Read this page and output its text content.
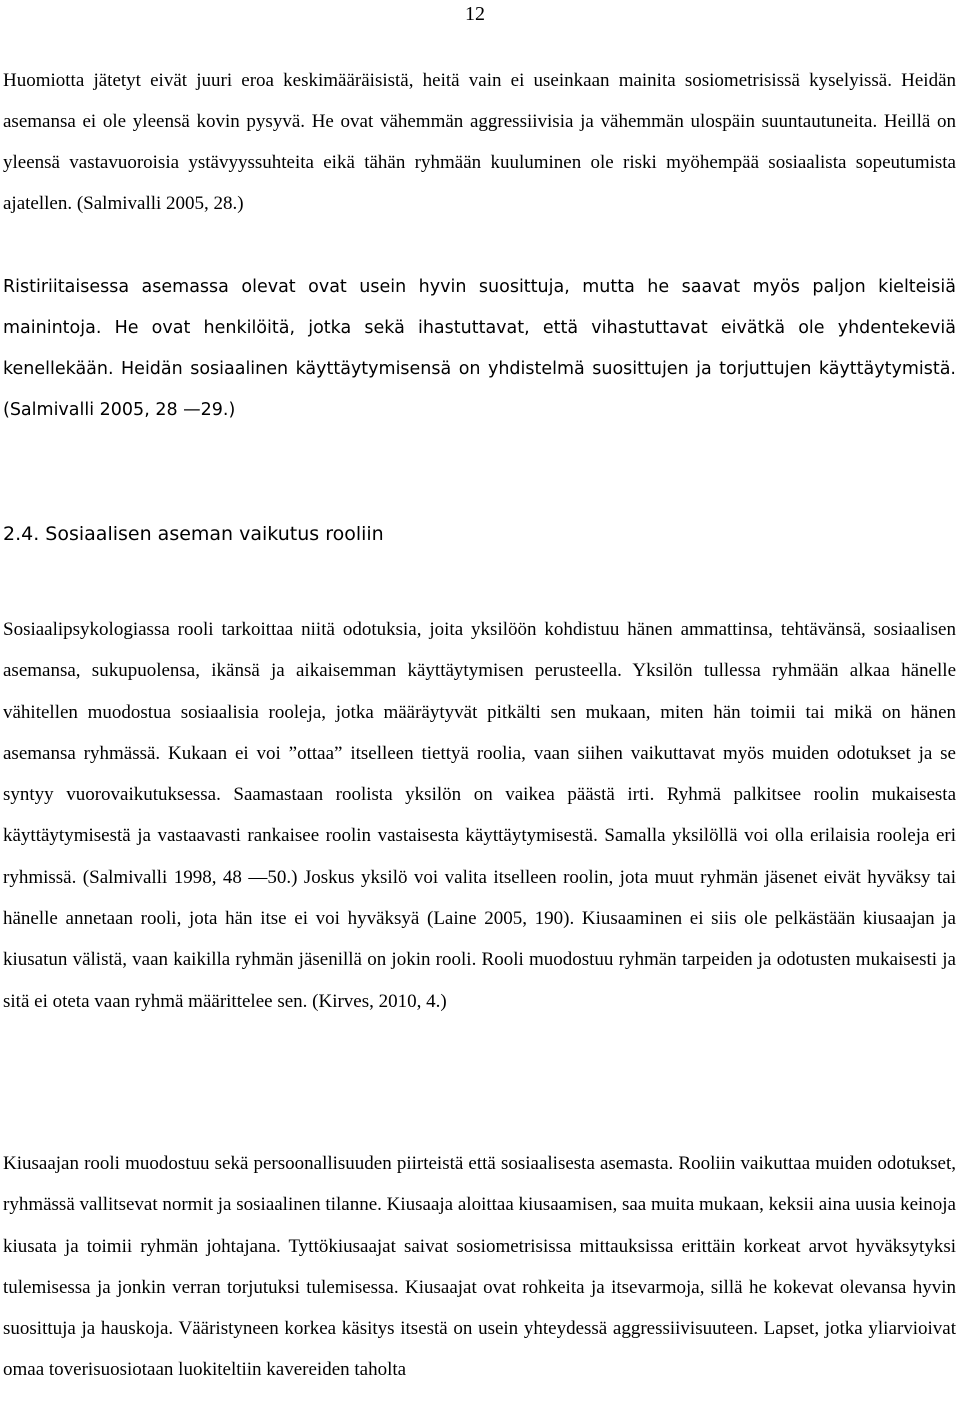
12

Huomiotta jätetyt eivät juuri eroa keskimääräisistä, heitä vain ei useinkaan mainita sosiometrisissä kyselyissä. Heidän asemansa ei ole yleensä kovin pysyvä. He ovat vähemmän aggressiivisia ja vähemmän ulospäin suuntautuneita. Heillä on yleensä vastavuoroisia ystävyyssuhteita eikä tähän ryhmään kuuluminen ole riski myöhempää sosiaalista sopeutumista ajatellen. (Salmivalli 2005, 28.)

Ristiriitaisessa asemassa olevat ovat usein hyvin suosittuja, mutta he saavat myös paljon kielteisiä mainintoja. He ovat henkilöitä, jotka sekä ihastuttavat, että vihastuttavat eivätkä ole yhdentekeviä kenellekään. Heidän sosiaalinen käyttäytymisensä on yhdistelmä suosittujen ja torjuttujen käyttäytymistä. (Salmivalli 2005, 28 —29.)

2.4. Sosiaalisen aseman vaikutus rooliin

Sosiaalipsykologiassa rooli tarkoittaa niitä odotuksia, joita yksilöön kohdistuu hänen ammattinsa, tehtävänsä, sosiaalisen asemansa, sukupuolensa, ikänsä ja aikaisemman käyttäytymisen perusteella. Yksilön tullessa ryhmään alkaa hänelle vähitellen muodostua sosiaalisia rooleja, jotka määräytyvät pitkälti sen mukaan, miten hän toimii tai mikä on hänen asemansa ryhmässä. Kukaan ei voi ”ottaa” itselleen tiettyä roolia, vaan siihen vaikuttavat myös muiden odotukset ja se syntyy vuorovaikutuksessa. Saamastaan roolista yksilön on vaikea päästä irti. Ryhmä palkitsee roolin mukaisesta käyttäytymisestä ja vastaavasti rankaisee roolin vastaisesta käyttäytymisestä. Samalla yksilöllä voi olla erilaisia rooleja eri ryhmissä. (Salmivalli 1998, 48 —50.) Joskus yksilö voi valita itselleen roolin, jota muut ryhmän jäsenet eivät hyväksy tai hänelle annetaan rooli, jota hän itse ei voi hyväksyä (Laine 2005, 190). Kiusaaminen ei siis ole pelkästään kiusaajan ja kiusatun välistä, vaan kaikilla ryhmän jäsenillä on jokin rooli. Rooli muodostuu ryhmän tarpeiden ja odotusten mukaisesti ja sitä ei oteta vaan ryhmä määrittelee sen. (Kirves, 2010, 4.)

Kiusaajan rooli muodostuu sekä persoonallisuuden piirteistä että sosiaalisesta asemasta. Rooliin vaikuttaa muiden odotukset, ryhmässä vallitsevat normit ja sosiaalinen tilanne. Kiusaaja aloittaa kiusaamisen, saa muita mukaan, keksii aina uusia keinoja kiusata ja toimii ryhmän johtajana. Tyttökiusaajat saivat sosiometrisissa mittauksissa erittäin korkeat arvot hyväksytyksi tulemisessa ja jonkin verran torjutuksi tulemisessa. Kiusaajat ovat rohkeita ja itsevarmoja, sillä he kokevat olevansa hyvin suosittuja ja hauskoja. Vääristyneen korkea käsitys itsestä on usein yhteydessä aggressiivisuuteen. Lapset, jotka yliarvioivat omaa toverisuosiotaan luokiteltiin kavereiden taholta
